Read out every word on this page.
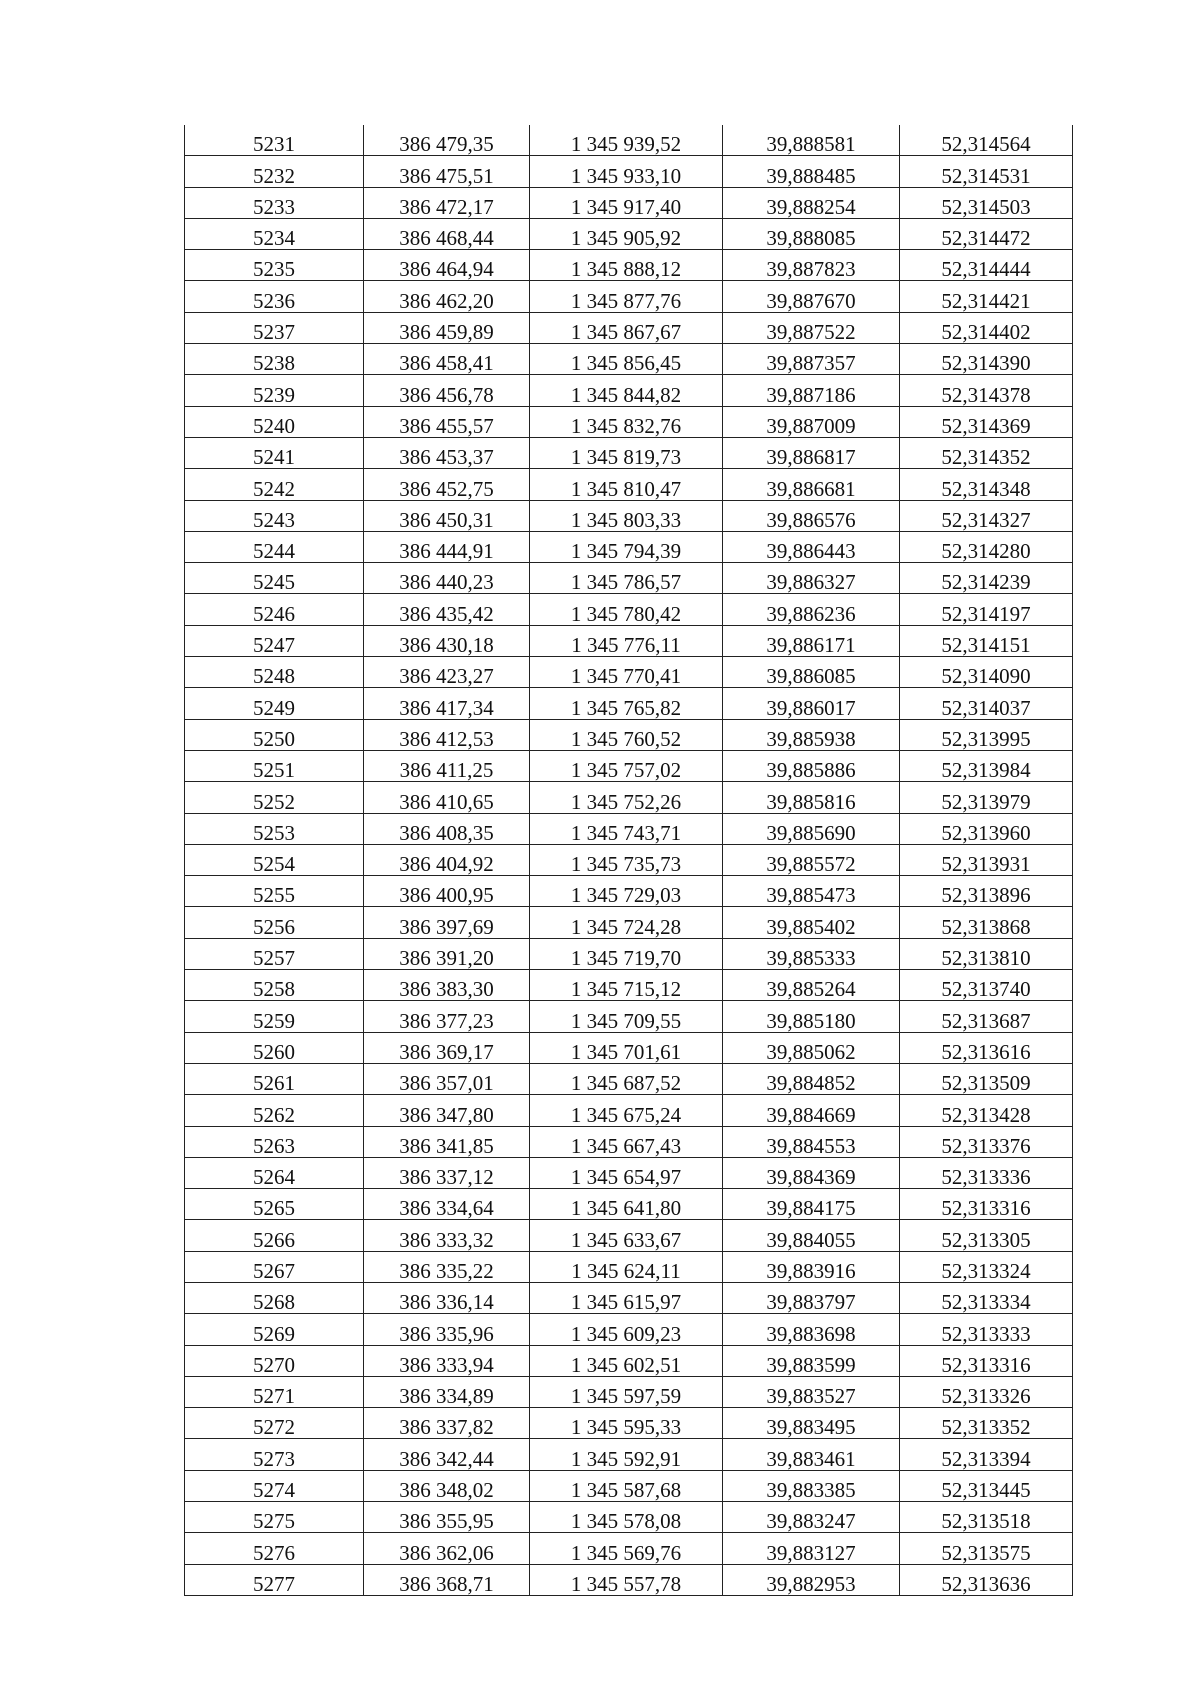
5231	386 479,35	1 345 939,52	39,888581	52,314564
5232	386 475,51	1 345 933,10	39,888485	52,314531
5233	386 472,17	1 345 917,40	39,888254	52,314503
5234	386 468,44	1 345 905,92	39,888085	52,314472
5235	386 464,94	1 345 888,12	39,887823	52,314444
5236	386 462,20	1 345 877,76	39,887670	52,314421
5237	386 459,89	1 345 867,67	39,887522	52,314402
5238	386 458,41	1 345 856,45	39,887357	52,314390
5239	386 456,78	1 345 844,82	39,887186	52,314378
5240	386 455,57	1 345 832,76	39,887009	52,314369
5241	386 453,37	1 345 819,73	39,886817	52,314352
5242	386 452,75	1 345 810,47	39,886681	52,314348
5243	386 450,31	1 345 803,33	39,886576	52,314327
5244	386 444,91	1 345 794,39	39,886443	52,314280
5245	386 440,23	1 345 786,57	39,886327	52,314239
5246	386 435,42	1 345 780,42	39,886236	52,314197
5247	386 430,18	1 345 776,11	39,886171	52,314151
5248	386 423,27	1 345 770,41	39,886085	52,314090
5249	386 417,34	1 345 765,82	39,886017	52,314037
5250	386 412,53	1 345 760,52	39,885938	52,313995
5251	386 411,25	1 345 757,02	39,885886	52,313984
5252	386 410,65	1 345 752,26	39,885816	52,313979
5253	386 408,35	1 345 743,71	39,885690	52,313960
5254	386 404,92	1 345 735,73	39,885572	52,313931
5255	386 400,95	1 345 729,03	39,885473	52,313896
5256	386 397,69	1 345 724,28	39,885402	52,313868
5257	386 391,20	1 345 719,70	39,885333	52,313810
5258	386 383,30	1 345 715,12	39,885264	52,313740
5259	386 377,23	1 345 709,55	39,885180	52,313687
5260	386 369,17	1 345 701,61	39,885062	52,313616
5261	386 357,01	1 345 687,52	39,884852	52,313509
5262	386 347,80	1 345 675,24	39,884669	52,313428
5263	386 341,85	1 345 667,43	39,884553	52,313376
5264	386 337,12	1 345 654,97	39,884369	52,313336
5265	386 334,64	1 345 641,80	39,884175	52,313316
5266	386 333,32	1 345 633,67	39,884055	52,313305
5267	386 335,22	1 345 624,11	39,883916	52,313324
5268	386 336,14	1 345 615,97	39,883797	52,313334
5269	386 335,96	1 345 609,23	39,883698	52,313333
5270	386 333,94	1 345 602,51	39,883599	52,313316
5271	386 334,89	1 345 597,59	39,883527	52,313326
5272	386 337,82	1 345 595,33	39,883495	52,313352
5273	386 342,44	1 345 592,91	39,883461	52,313394
5274	386 348,02	1 345 587,68	39,883385	52,313445
5275	386 355,95	1 345 578,08	39,883247	52,313518
5276	386 362,06	1 345 569,76	39,883127	52,313575
5277	386 368,71	1 345 557,78	39,882953	52,313636
